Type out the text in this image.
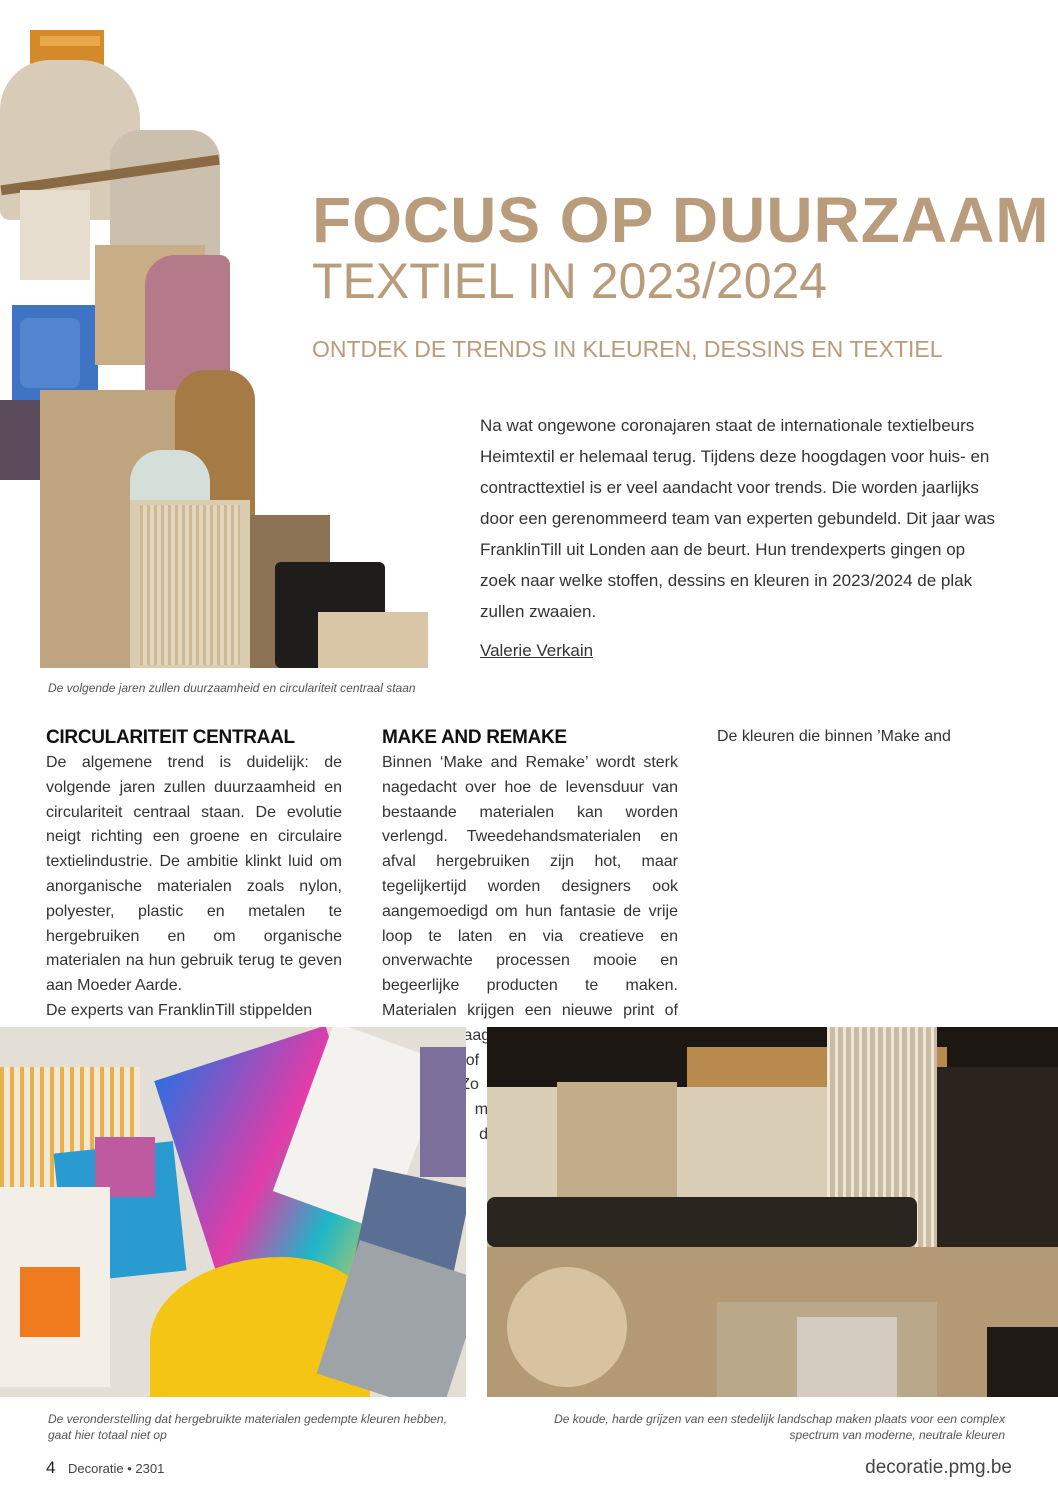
FOCUS OP DUURZAAM
TEXTIEL IN 2023/2024
ONTDEK DE TRENDS IN KLEUREN, DESSINS EN TEXTIEL

Na wat ongewone coronajaren staat de internationale textielbeurs Heimtextil er helemaal terug. Tijdens deze hoogdagen voor huis- en contracttextiel is er veel aandacht voor trends. Die worden jaarlijks door een gerenommeerd team van experten gebundeld. Dit jaar was FranklinTill uit Londen aan de beurt. Hun trendexperts gingen op zoek naar welke stoffen, dessins en kleuren in 2023/2024 de plak zullen zwaaien.

Valerie Verkain
De volgende jaren zullen duurzaamheid en circulariteit centraal staan
CIRCULARITEIT CENTRAAL

De algemene trend is duidelijk: de volgende jaren zullen duurzaamheid en circulariteit centraal staan. De evolutie neigt richting een groene en circulaire textielindustrie. De ambitie klinkt luid om anorganische materialen zoals nylon, polyester, plastic en metalen te hergebruiken en om organische materialen na hun gebruik terug te geven aan Moeder Aarde.

De experts van FranklinTill stippelden

MAKE AND REMAKE

Binnen ‘Make and Remake’ wordt sterk nagedacht over hoe de levensduur van bestaande materialen kan worden verlengd. Tweedehandsmaterialen en afval hergebruiken zijn hot, maar tegelijkertijd worden designers ook aangemoedigd om hun fantasie de vrije loop te laten en via creatieve en onverwachte processen mooie en begeerlijke producten te maken. Materialen krijgen een nieuwe print of laagje of Zo

De kleuren die binnen ’Make and

De veronderstelling dat hergebruikte materialen gedempte kleuren hebben, gaat hier totaal niet op
De koude, harde grijzen van een stedelijk landschap maken plaats voor een complex spectrum van moderne, neutrale kleuren
4 Decoratie • 2301	decoratie.pmg.be
